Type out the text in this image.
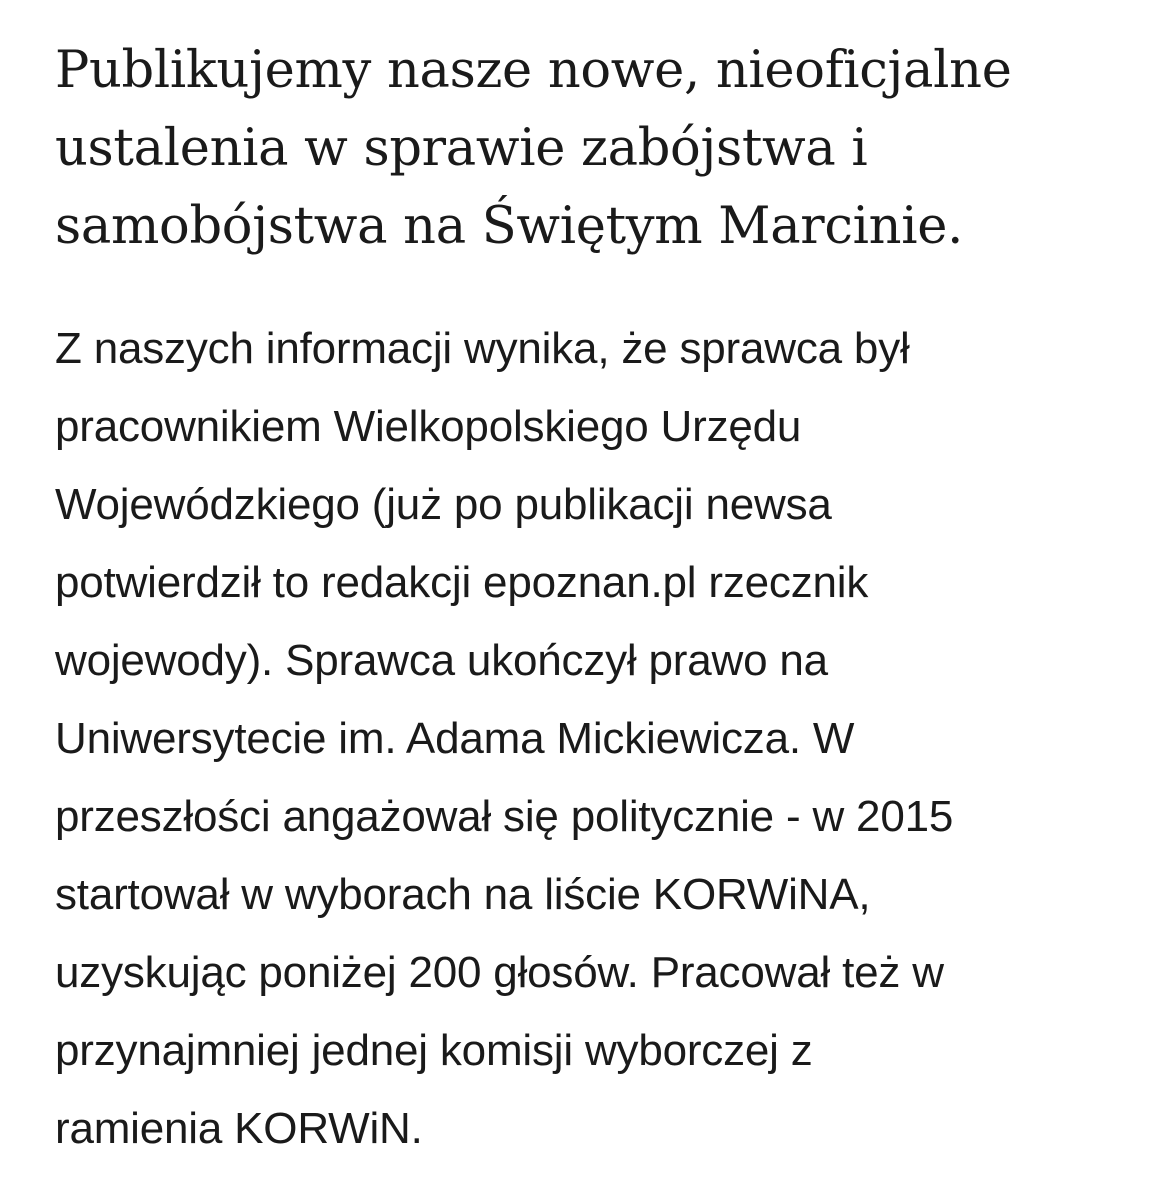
Publikujemy nasze nowe, nieoficjalne
ustalenia w sprawie zabójstwa i
samobójstwa na Świętym Marcinie.

Z naszych informacji wynika, że sprawca był
pracownikiem Wielkopolskiego Urzędu
Wojewódzkiego (już po publikacji newsa
potwierdził to redakcji epoznan.pl rzecznik
wojewody). Sprawca ukończył prawo na
Uniwersytecie im. Adama Mickiewicza. W
przeszłości angażował się politycznie - w 2015
startował w wyborach na liście KORWiNA,
uzyskując poniżej 200 głosów. Pracował też w
przynajmniej jednej komisji wyborczej z
ramienia KORWiN.
